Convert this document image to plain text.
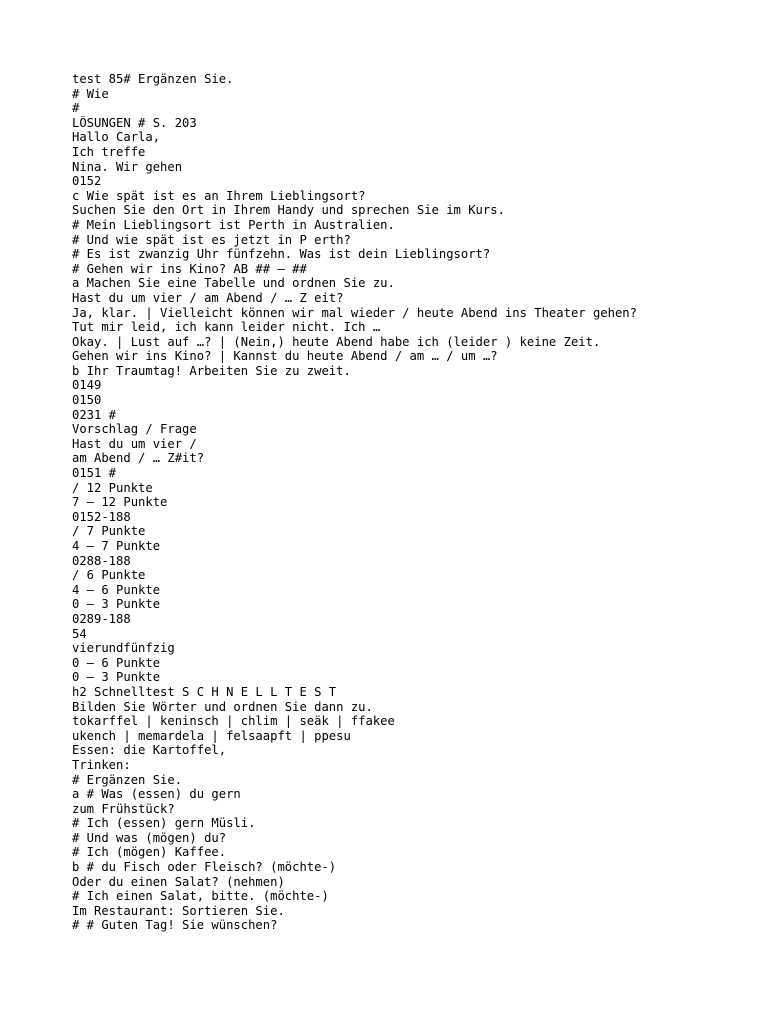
test 85# Ergänzen Sie.
# Wie
#
LÖSUNGEN # S. 203
Hallo Carla,
Ich treffe
Nina. Wir gehen
0152
c Wie spät ist es an Ihrem Lieblingsort?
Suchen Sie den Ort in Ihrem Handy und sprechen Sie im Kurs.
# Mein Lieblingsort ist Perth in Australien.
# Und wie spät ist es jetzt in P erth?
# Es ist zwanzig Uhr fünfzehn. Was ist dein Lieblingsort?
# Gehen wir ins Kino? AB ## – ##
a Machen Sie eine Tabelle und ordnen Sie zu.
Hast du um vier / am Abend / … Z eit?
Ja, klar. | Vielleicht können wir mal wieder / heute Abend ins Theater gehen?
Tut mir leid, ich kann leider nicht. Ich …
Okay. | Lust auf …? | (Nein,) heute Abend habe ich (leider ) keine Zeit.
Gehen wir ins Kino? | Kannst du heute Abend / am … / um …?
b Ihr Traumtag! Arbeiten Sie zu zweit.
0149
0150
0231 #
Vorschlag / Frage
Hast du um vier /
am Abend / … Z#it?
0151 #
/ 12 Punkte
7 – 12 Punkte
0152-188
/ 7 Punkte
4 – 7 Punkte
0288-188
/ 6 Punkte
4 – 6 Punkte
0 – 3 Punkte
0289-188
54
vierundfünfzig
0 – 6 Punkte
0 – 3 Punkte
h2 Schnelltest S C H N E L L T E S T
Bilden Sie Wörter und ordnen Sie dann zu.
tokarffel | keninsch | chlim | seäk | ffakee
ukench | memardela | felsaapft | ppesu
Essen: die Kartoffel,
Trinken:
# Ergänzen Sie.
a # Was (essen) du gern
zum Frühstück?
# Ich (essen) gern Müsli.
# Und was (mögen) du?
# Ich (mögen) Kaffee.
b # du Fisch oder Fleisch? (möchte-)
Oder du einen Salat? (nehmen)
# Ich einen Salat, bitte. (möchte-)
Im Restaurant: Sortieren Sie.
# # Guten Tag! Sie wünschen?
